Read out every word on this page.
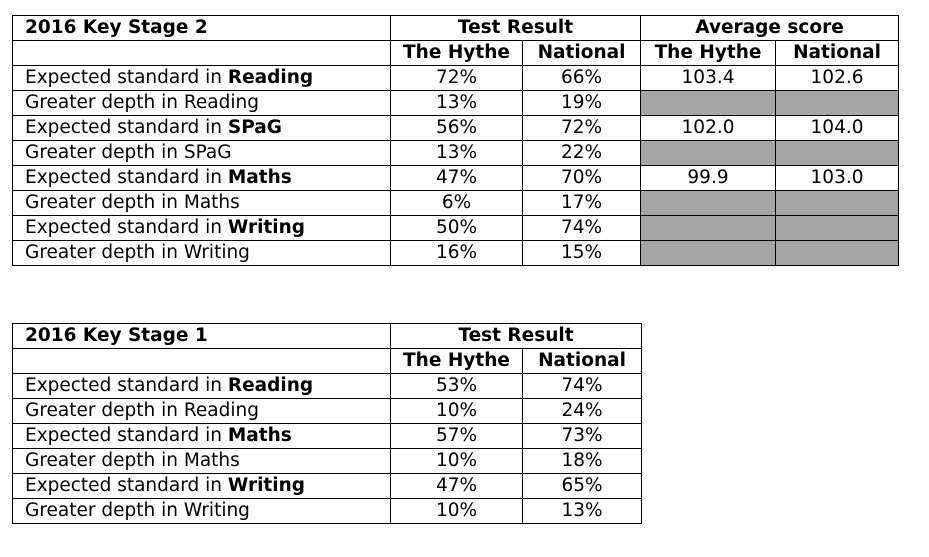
2016 Key Stage 2	Test Result		Average score	
	The Hythe	National	The Hythe	National
Expected standard in Reading	72%	66%	103.4	102.6
Greater depth in Reading	13%	19%		
Expected standard in SPaG	56%	72%	102.0	104.0
Greater depth in SPaG	13%	22%		
Expected standard in Maths	47%	70%	99.9	103.0
Greater depth in Maths	6%	17%		
Expected standard in Writing	50%	74%		
Greater depth in Writing	16%	15%		
2016 Key Stage 1	Test Result	
	The Hythe	National
Expected standard in Reading	53%	74%
Greater depth in Reading	10%	24%
Expected standard in Maths	57%	73%
Greater depth in Maths	10%	18%
Expected standard in Writing	47%	65%
Greater depth in Writing	10%	13%
